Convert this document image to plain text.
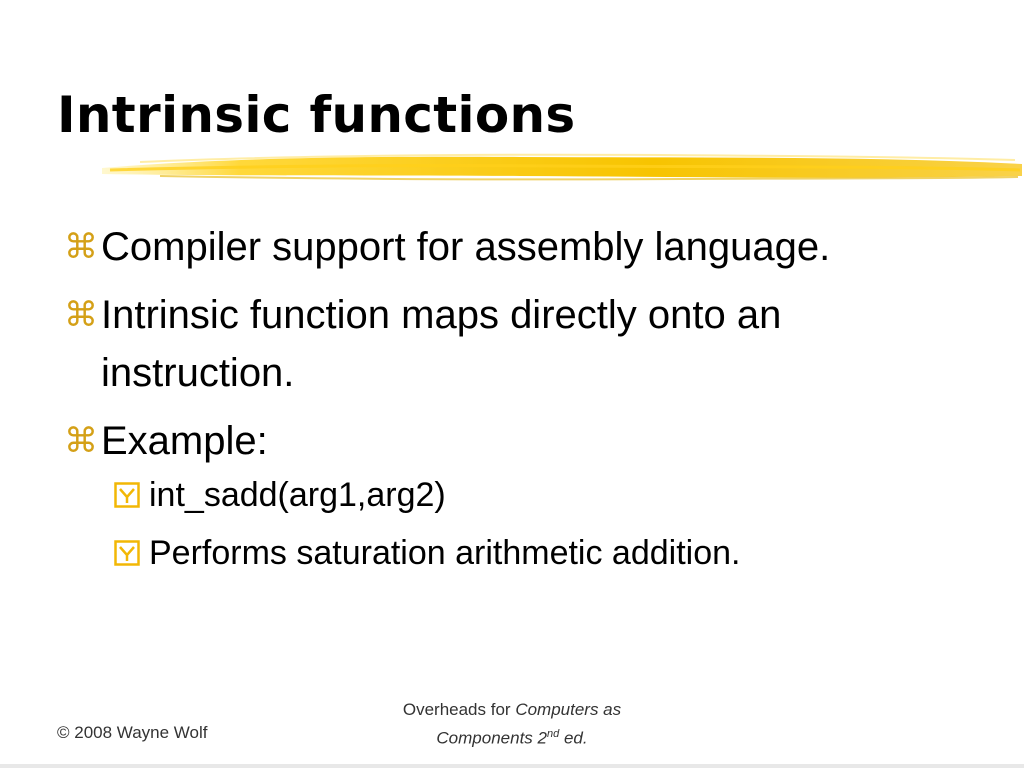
Intrinsic functions
⌘ Compiler support for assembly language.
⌘ Intrinsic function maps directly onto an instruction.
⌘ Example:
int_sadd(arg1,arg2)
Performs saturation arithmetic addition.
© 2008 Wayne Wolf
Overheads for Computers as
Components 2nd ed.
